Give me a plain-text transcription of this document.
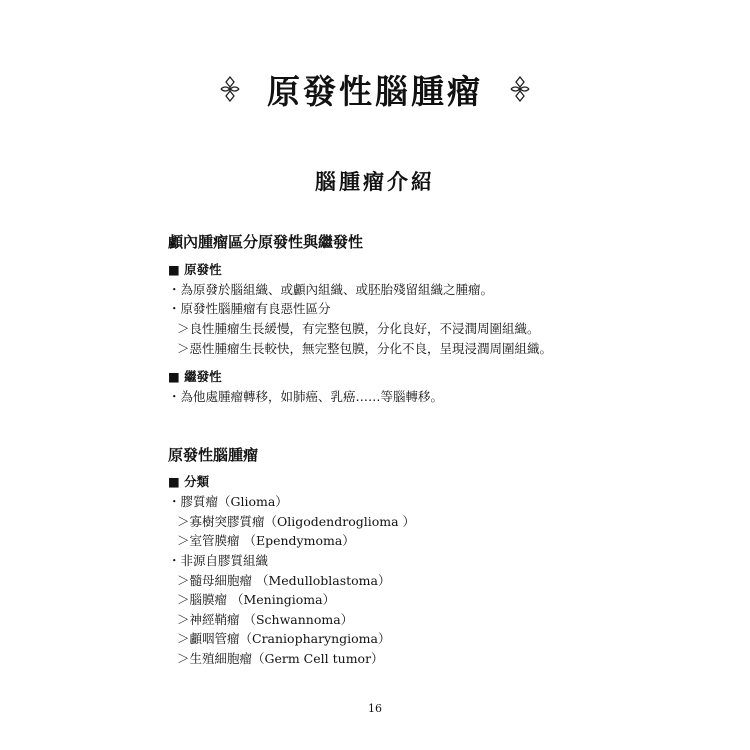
原發性腦腫瘤
腦腫瘤介紹
顱內腫瘤區分原發性與繼發性
■ 原發性
・為原發於腦組織、或顱內組織、或胚胎殘留組織之腫瘤。
・原發性腦腫瘤有良惡性區分
＞良性腫瘤生長緩慢，有完整包膜，分化良好，不浸潤周圍組織。
＞惡性腫瘤生長較快，無完整包膜，分化不良，呈現浸潤周圍組織。
■ 繼發性
・為他處腫瘤轉移，如肺癌、乳癌……等腦轉移。
原發性腦腫瘤
■ 分類
・膠質瘤（Glioma）
＞寡樹突膠質瘤（Oligodendroglioma ）
＞室管膜瘤 （Ependymoma）
・非源自膠質組織
＞髓母細胞瘤 （Medulloblastoma）
＞腦膜瘤 （Meningioma）
＞神經鞘瘤 （Schwannoma）
＞顱咽管瘤（Craniopharyngioma）
＞生殖細胞瘤（Germ Cell tumor）
16
